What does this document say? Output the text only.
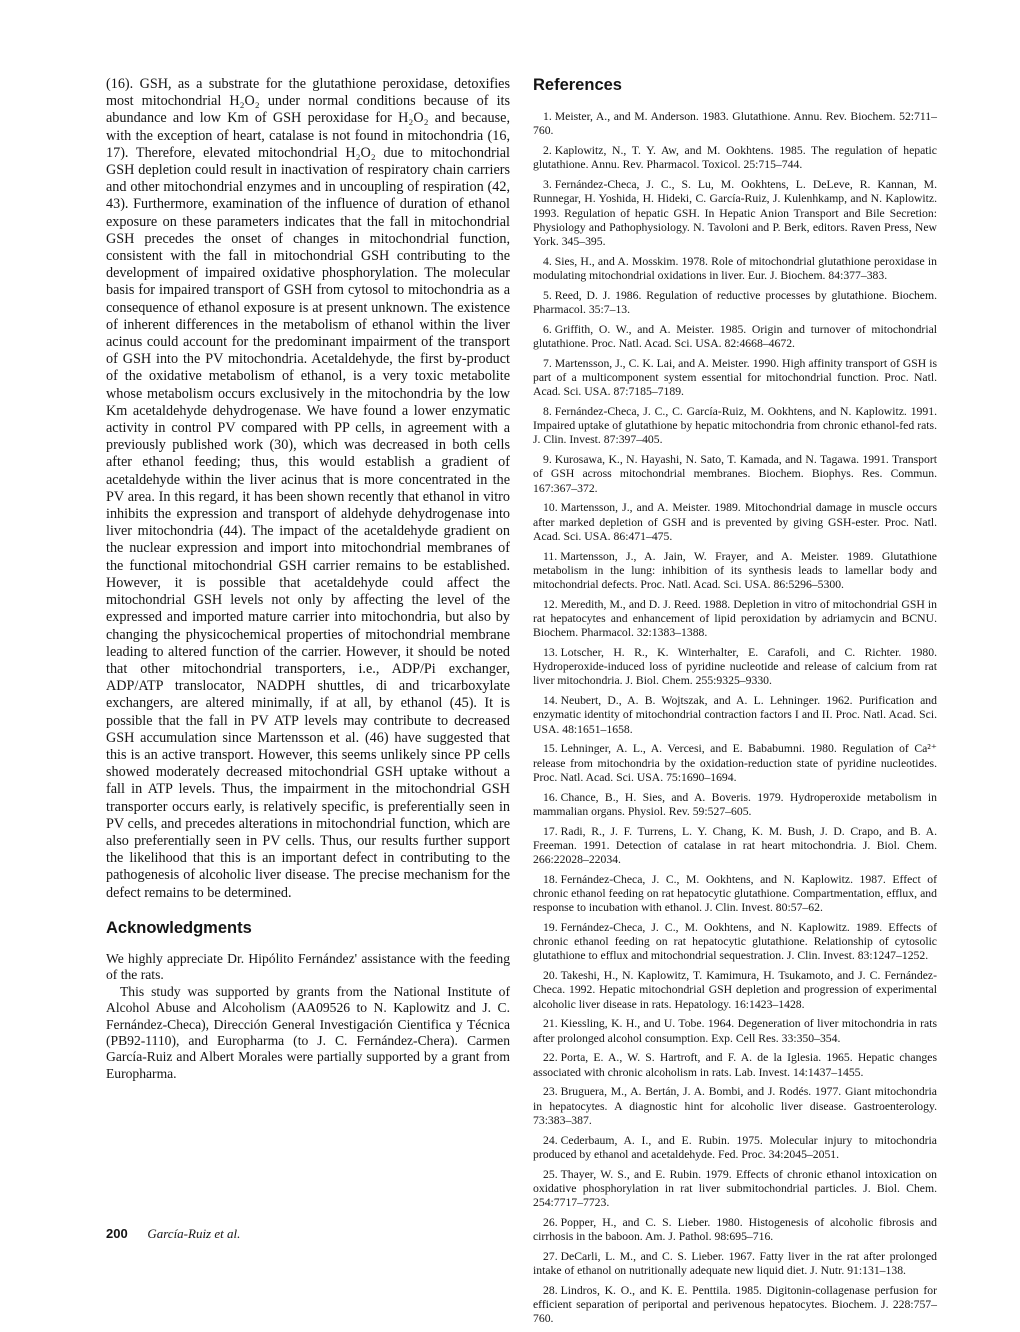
(16). GSH, as a substrate for the glutathione peroxidase, detoxifies most mitochondrial H₂O₂ under normal conditions because of its abundance and low Km of GSH peroxidase for H₂O₂ and because, with the exception of heart, catalase is not found in mitochondria (16, 17). Therefore, elevated mitochondrial H₂O₂ due to mitochondrial GSH depletion could result in inactivation of respiratory chain carriers and other mitochondrial enzymes and in uncoupling of respiration (42, 43). Furthermore, examination of the influence of duration of ethanol exposure on these parameters indicates that the fall in mitochondrial GSH precedes the onset of changes in mitochondrial function, consistent with the fall in mitochondrial GSH contributing to the development of impaired oxidative phosphorylation. The molecular basis for impaired transport of GSH from cytosol to mitochondria as a consequence of ethanol exposure is at present unknown. The existence of inherent differences in the metabolism of ethanol within the liver acinus could account for the predominant impairment of the transport of GSH into the PV mitochondria. Acetaldehyde, the first by-product of the oxidative metabolism of ethanol, is a very toxic metabolite whose metabolism occurs exclusively in the mitochondria by the low Km acetaldehyde dehydrogenase. We have found a lower enzymatic activity in control PV compared with PP cells, in agreement with a previously published work (30), which was decreased in both cells after ethanol feeding; thus, this would establish a gradient of acetaldehyde within the liver acinus that is more concentrated in the PV area. In this regard, it has been shown recently that ethanol in vitro inhibits the expression and transport of aldehyde dehydrogenase into liver mitochondria (44). The impact of the acetaldehyde gradient on the nuclear expression and import into mitochondrial membranes of the functional mitochondrial GSH carrier remains to be established. However, it is possible that acetaldehyde could affect the mitochondrial GSH levels not only by affecting the level of the expressed and imported mature carrier into mitochondria, but also by changing the physicochemical properties of mitochondrial membrane leading to altered function of the carrier. However, it should be noted that other mitochondrial transporters, i.e., ADP/Pi exchanger, ADP/ATP translocator, NADPH shuttles, di and tricarboxylate exchangers, are altered minimally, if at all, by ethanol (45). It is possible that the fall in PV ATP levels may contribute to decreased GSH accumulation since Martensson et al. (46) have suggested that this is an active transport. However, this seems unlikely since PP cells showed moderately decreased mitochondrial GSH uptake without a fall in ATP levels. Thus, the impairment in the mitochondrial GSH transporter occurs early, is relatively specific, is preferentially seen in PV cells, and precedes alterations in mitochondrial function, which are also preferentially seen in PV cells. Thus, our results further support the likelihood that this is an important defect in contributing to the pathogenesis of alcoholic liver disease. The precise mechanism for the defect remains to be determined.

Acknowledgments

We highly appreciate Dr. Hipólito Fernández' assistance with the feeding of the rats.

This study was supported by grants from the National Institute of Alcohol Abuse and Alcoholism (AA09526 to N. Kaplowitz and J. C. Fernández-Checa), Dirección General Investigación Cientifica y Técnica (PB92-1110), and Europharma (to J. C. Fernández-Chera). Carmen García-Ruiz and Albert Morales were partially supported by a grant from Europharma.

References

1. Meister, A., and M. Anderson. 1983. Glutathione. Annu. Rev. Biochem. 52:711–760.

2. Kaplowitz, N., T. Y. Aw, and M. Ookhtens. 1985. The regulation of hepatic glutathione. Annu. Rev. Pharmacol. Toxicol. 25:715–744.

3. Fernández-Checa, J. C., S. Lu, M. Ookhtens, L. DeLeve, R. Kannan, M. Runnegar, H. Yoshida, H. Hideki, C. García-Ruiz, J. Kulenhkamp, and N. Kaplowitz. 1993. Regulation of hepatic GSH. In Hepatic Anion Transport and Bile Secretion: Physiology and Pathophysiology. N. Tavoloni and P. Berk, editors. Raven Press, New York. 345–395.

4. Sies, H., and A. Mosskim. 1978. Role of mitochondrial glutathione peroxidase in modulating mitochondrial oxidations in liver. Eur. J. Biochem. 84:377–383.

5. Reed, D. J. 1986. Regulation of reductive processes by glutathione. Biochem. Pharmacol. 35:7–13.

6. Griffith, O. W., and A. Meister. 1985. Origin and turnover of mitochondrial glutathione. Proc. Natl. Acad. Sci. USA. 82:4668–4672.

7. Martensson, J., C. K. Lai, and A. Meister. 1990. High affinity transport of GSH is part of a multicomponent system essential for mitochondrial function. Proc. Natl. Acad. Sci. USA. 87:7185–7189.

8. Fernández-Checa, J. C., C. García-Ruiz, M. Ookhtens, and N. Kaplowitz. 1991. Impaired uptake of glutathione by hepatic mitochondria from chronic ethanol-fed rats. J. Clin. Invest. 87:397–405.

9. Kurosawa, K., N. Hayashi, N. Sato, T. Kamada, and N. Tagawa. 1991. Transport of GSH across mitochondrial membranes. Biochem. Biophys. Res. Commun. 167:367–372.

10. Martensson, J., and A. Meister. 1989. Mitochondrial damage in muscle occurs after marked depletion of GSH and is prevented by giving GSH-ester. Proc. Natl. Acad. Sci. USA. 86:471–475.

11. Martensson, J., A. Jain, W. Frayer, and A. Meister. 1989. Glutathione metabolism in the lung: inhibition of its synthesis leads to lamellar body and mitochondrial defects. Proc. Natl. Acad. Sci. USA. 86:5296–5300.

12. Meredith, M., and D. J. Reed. 1988. Depletion in vitro of mitochondrial GSH in rat hepatocytes and enhancement of lipid peroxidation by adriamycin and BCNU. Biochem. Pharmacol. 32:1383–1388.

13. Lotscher, H. R., K. Winterhalter, E. Carafoli, and C. Richter. 1980. Hydroperoxide-induced loss of pyridine nucleotide and release of calcium from rat liver mitochondria. J. Biol. Chem. 255:9325–9330.

14. Neubert, D., A. B. Wojtszak, and A. L. Lehninger. 1962. Purification and enzymatic identity of mitochondrial contraction factors I and II. Proc. Natl. Acad. Sci. USA. 48:1651–1658.

15. Lehninger, A. L., A. Vercesi, and E. Bababumni. 1980. Regulation of Ca²⁺ release from mitochondria by the oxidation-reduction state of pyridine nucleotides. Proc. Natl. Acad. Sci. USA. 75:1690–1694.

16. Chance, B., H. Sies, and A. Boveris. 1979. Hydroperoxide metabolism in mammalian organs. Physiol. Rev. 59:527–605.

17. Radi, R., J. F. Turrens, L. Y. Chang, K. M. Bush, J. D. Crapo, and B. A. Freeman. 1991. Detection of catalase in rat heart mitochondria. J. Biol. Chem. 266:22028–22034.

18. Fernández-Checa, J. C., M. Ookhtens, and N. Kaplowitz. 1987. Effect of chronic ethanol feeding on rat hepatocytic glutathione. Compartmentation, efflux, and response to incubation with ethanol. J. Clin. Invest. 80:57–62.

19. Fernández-Checa, J. C., M. Ookhtens, and N. Kaplowitz. 1989. Effects of chronic ethanol feeding on rat hepatocytic glutathione. Relationship of cytosolic glutathione to efflux and mitochondrial sequestration. J. Clin. Invest. 83:1247–1252.

20. Takeshi, H., N. Kaplowitz, T. Kamimura, H. Tsukamoto, and J. C. Fernández-Checa. 1992. Hepatic mitochondrial GSH depletion and progression of experimental alcoholic liver disease in rats. Hepatology. 16:1423–1428.

21. Kiessling, K. H., and U. Tobe. 1964. Degeneration of liver mitochondria in rats after prolonged alcohol consumption. Exp. Cell Res. 33:350–354.

22. Porta, E. A., W. S. Hartroft, and F. A. de la Iglesia. 1965. Hepatic changes associated with chronic alcoholism in rats. Lab. Invest. 14:1437–1455.

23. Bruguera, M., A. Bertán, J. A. Bombi, and J. Rodés. 1977. Giant mitochondria in hepatocytes. A diagnostic hint for alcoholic liver disease. Gastroenterology. 73:383–387.

24. Cederbaum, A. I., and E. Rubin. 1975. Molecular injury to mitochondria produced by ethanol and acetaldehyde. Fed. Proc. 34:2045–2051.

25. Thayer, W. S., and E. Rubin. 1979. Effects of chronic ethanol intoxication on oxidative phosphorylation in rat liver submitochondrial particles. J. Biol. Chem. 254:7717–7723.

26. Popper, H., and C. S. Lieber. 1980. Histogenesis of alcoholic fibrosis and cirrhosis in the baboon. Am. J. Pathol. 98:695–716.

27. DeCarli, L. M., and C. S. Lieber. 1967. Fatty liver in the rat after prolonged intake of ethanol on nutritionally adequate new liquid diet. J. Nutr. 91:131–138.

28. Lindros, K. O., and K. E. Penttila. 1985. Digitonin-collagenase perfusion for efficient separation of periportal and perivenous hepatocytes. Biochem. J. 228:757–760.

200 García-Ruiz et al.
